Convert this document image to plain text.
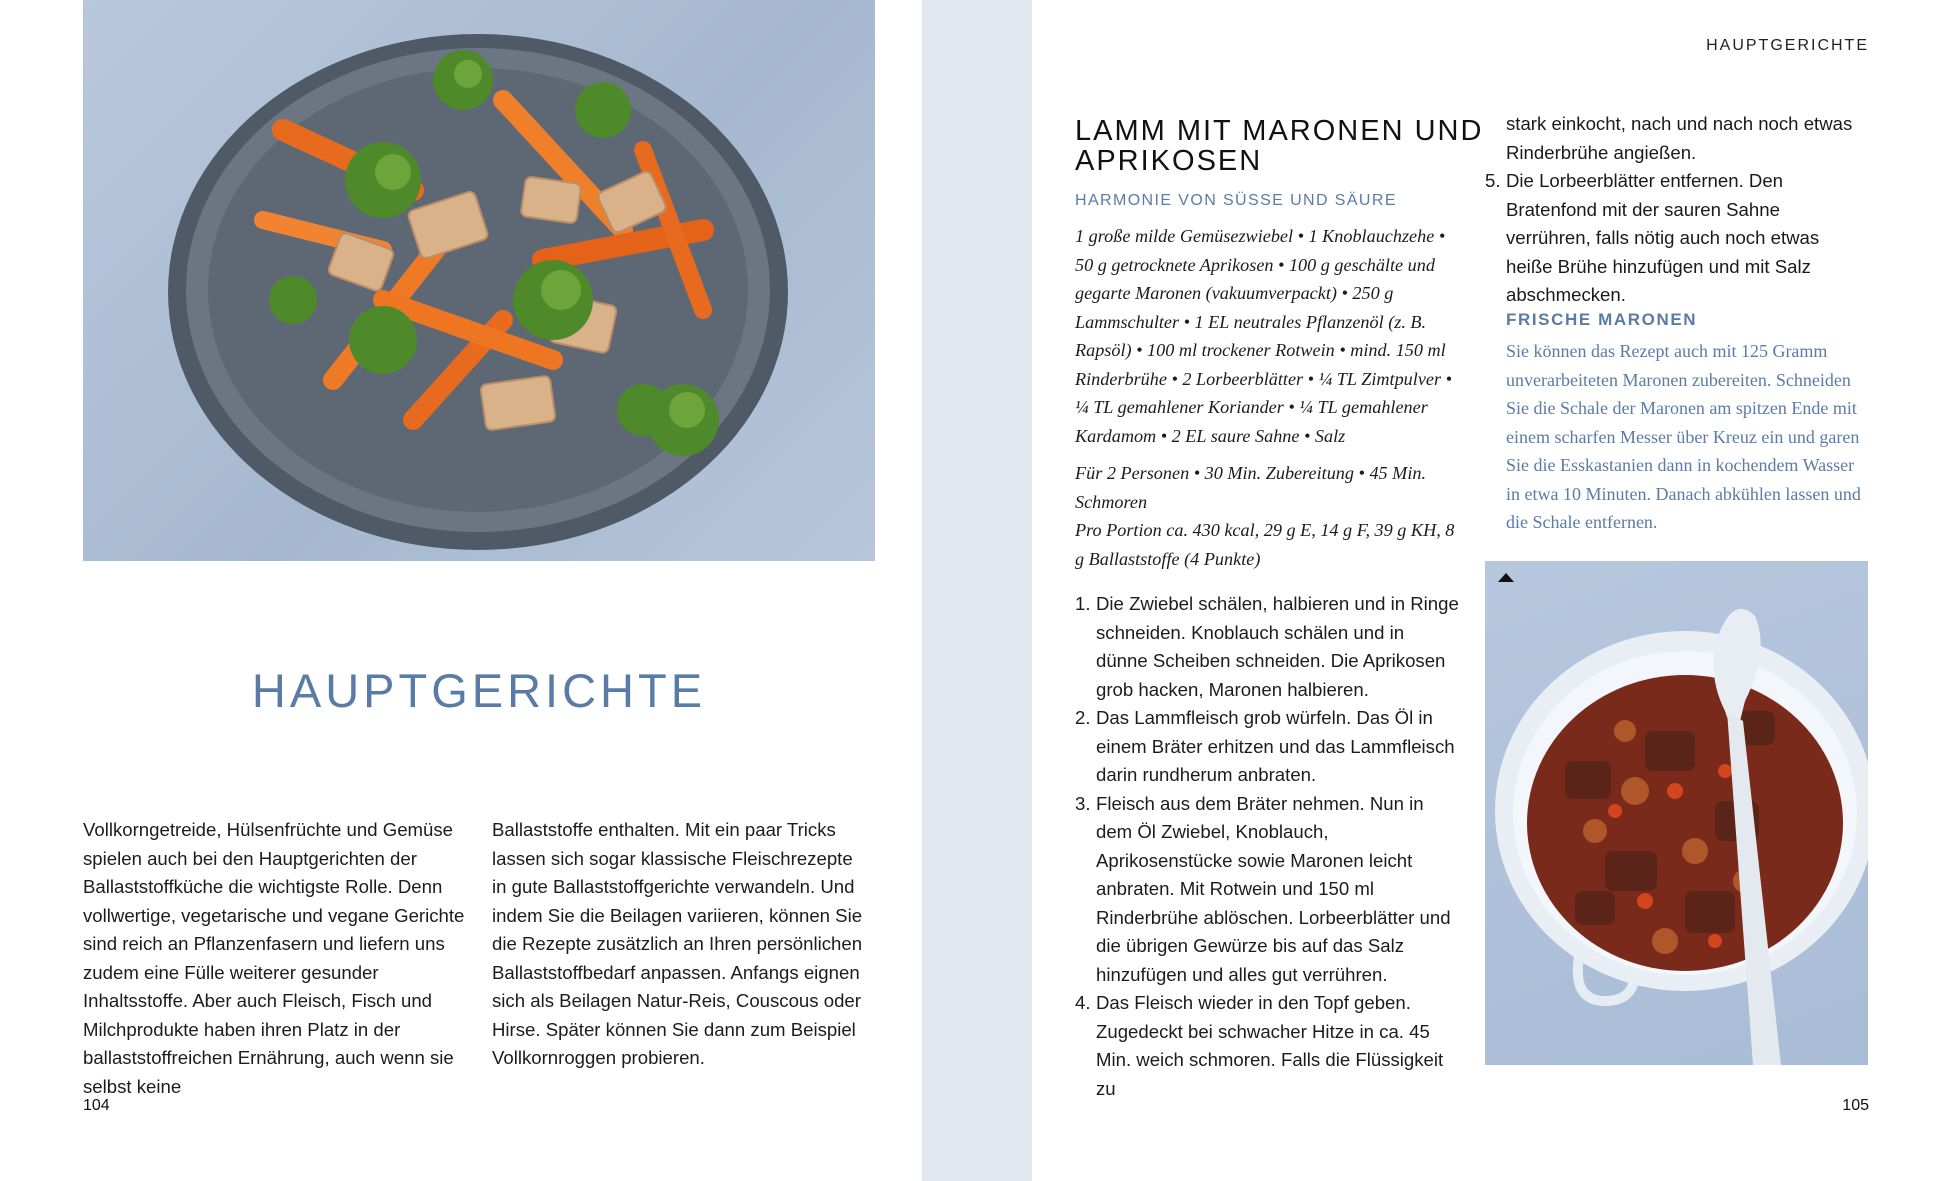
HAUPTGERICHTE
Vollkorngetreide, Hülsenfrüchte und Gemüse spielen auch bei den Hauptgerichten der Ballaststoffküche die wichtigste Rolle. Denn vollwertige, vegetarische und vegane Gerichte sind reich an Pflanzenfasern und liefern uns zudem eine Fülle weiterer gesunder Inhaltsstoffe. Aber auch Fleisch, Fisch und Milchprodukte haben ihren Platz in der ballaststoffreichen Ernährung, auch wenn sie selbst keine
Ballaststoffe enthalten. Mit ein paar Tricks lassen sich sogar klassische Fleischrezepte in gute Ballaststoffgerichte verwandeln. Und indem Sie die Beilagen variieren, können Sie die Rezepte zusätzlich an Ihren persönlichen Ballaststoffbedarf anpassen. Anfangs eignen sich als Beilagen Natur-Reis, Couscous oder Hirse. Später können Sie dann zum Beispiel Vollkornroggen probieren.
104
HAUPTGERICHTE
LAMM MIT MARONEN UND APRIKOSEN
HARMONIE VON SÜSSE UND SÄURE
1 große milde Gemüsezwiebel • 1 Knoblauchzehe • 50 g getrocknete Aprikosen • 100 g geschälte und gegarte Maronen (vakuumverpackt) • 250 g Lammschulter • 1 EL neutrales Pflanzenöl (z. B. Rapsöl) • 100 ml trockener Rotwein • mind. 150 ml Rinderbrühe • 2 Lorbeerblätter • ¼ TL Zimtpulver • ¼ TL gemahlener Koriander • ¼ TL gemahlener Kardamom • 2 EL saure Sahne • Salz
Für 2 Personen • 30 Min. Zubereitung • 45 Min. Schmoren
Pro Portion ca. 430 kcal, 29 g E, 14 g F, 39 g KH, 8 g Ballaststoffe (4 Punkte)
1. Die Zwiebel schälen, halbieren und in Ringe schneiden. Knoblauch schälen und in dünne Scheiben schneiden. Die Aprikosen grob hacken, Maronen halbieren.
2. Das Lammfleisch grob würfeln. Das Öl in einem Bräter erhitzen und das Lammfleisch darin rundherum anbraten.
3. Fleisch aus dem Bräter nehmen. Nun in dem Öl Zwiebel, Knoblauch, Aprikosenstücke sowie Maronen leicht anbraten. Mit Rotwein und 150 ml Rinderbrühe ablöschen. Lorbeerblätter und die übrigen Gewürze bis auf das Salz hinzufügen und alles gut verrühren.
4. Das Fleisch wieder in den Topf geben. Zugedeckt bei schwacher Hitze in ca. 45 Min. weich schmoren. Falls die Flüssigkeit zu
stark einkocht, nach und nach noch etwas Rinderbrühe angießen.
5. Die Lorbeerblätter entfernen. Den Bratenfond mit der sauren Sahne verrühren, falls nötig auch noch etwas heiße Brühe hinzufügen und mit Salz abschmecken.
FRISCHE MARONEN
Sie können das Rezept auch mit 125 Gramm unverarbeiteten Maronen zubereiten. Schneiden Sie die Schale der Maronen am spitzen Ende mit einem scharfen Messer über Kreuz ein und garen Sie die Esskastanien dann in kochendem Wasser in etwa 10 Minuten. Danach abkühlen lassen und die Schale entfernen.
105
